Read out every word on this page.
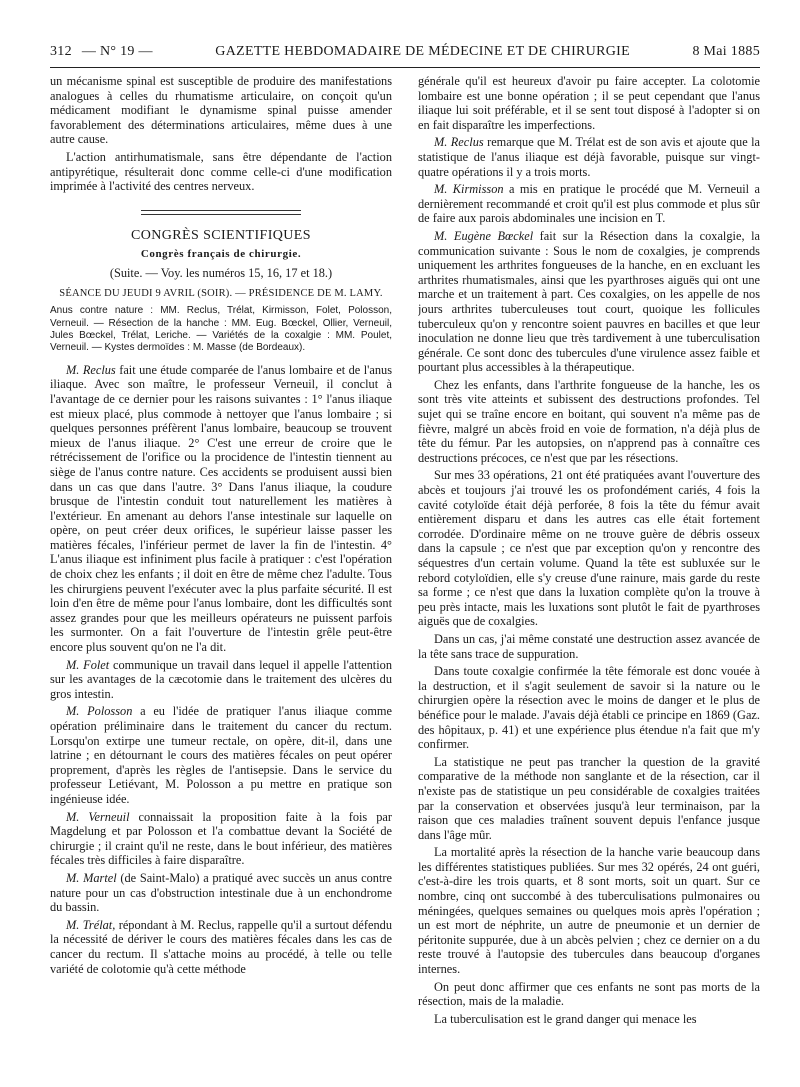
312 — N° 19 —	GAZETTE HEBDOMADAIRE DE MÉDECINE ET DE CHIRURGIE	8 Mai 1885

un mécanisme spinal est susceptible de produire des manifestations analogues à celles du rhumatisme articulaire, on conçoit qu'un médicament modifiant le dynamisme spinal puisse amender favorablement des déterminations articulaires, même dues à une autre cause.

L'action antirhumatismale, sans être dépendante de l'action antipyrétique, résulterait donc comme celle-ci d'une modification imprimée à l'activité des centres nerveux.

CONGRÈS SCIENTIFIQUES
Congrès français de chirurgie.
(Suite. — Voy. les numéros 15, 16, 17 et 18.)
SÉANCE DU JEUDI 9 AVRIL (SOIR). — PRÉSIDENCE DE M. LAMY.
Anus contre nature : MM. Reclus, Trélat, Kirmisson, Folet, Polosson, Verneuil. — Résection de la hanche : MM. Eug. Bœckel, Ollier, Verneuil, Jules Bœckel, Trélat, Leriche. — Variétés de la coxalgie : MM. Poulet, Verneuil. — Kystes dermoïdes : M. Masse (de Bordeaux).

M. Reclus fait une étude comparée de l'anus lombaire et de l'anus iliaque. Avec son maître, le professeur Verneuil, il conclut à l'avantage de ce dernier pour les raisons suivantes : 1° l'anus iliaque est mieux placé, plus commode à nettoyer que l'anus lombaire ; si quelques personnes préfèrent l'anus lombaire, beaucoup se trouvent mieux de l'anus iliaque. 2° C'est une erreur de croire que le rétrécissement de l'orifice ou la procidence de l'intestin tiennent au siège de l'anus contre nature. Ces accidents se produisent aussi bien dans un cas que dans l'autre. 3° Dans l'anus iliaque, la coudure brusque de l'intestin conduit tout naturellement les matières à l'extérieur. En amenant au dehors l'anse intestinale sur laquelle on opère, on peut créer deux orifices, le supérieur laisse passer les matières fécales, l'inférieur permet de laver la fin de l'intestin. 4° L'anus iliaque est infiniment plus facile à pratiquer : c'est l'opération de choix chez les enfants ; il doit en être de même chez l'adulte. Tous les chirurgiens peuvent l'exécuter avec la plus parfaite sécurité. Il est loin d'en être de même pour l'anus lombaire, dont les difficultés sont assez grandes pour que les meilleurs opérateurs ne puissent parfois les surmonter. On a fait l'ouverture de l'intestin grêle peut-être encore plus souvent qu'on ne l'a dit.

M. Folet communique un travail dans lequel il appelle l'attention sur les avantages de la cæcotomie dans le traitement des ulcères du gros intestin.

M. Polosson a eu l'idée de pratiquer l'anus iliaque comme opération préliminaire dans le traitement du cancer du rectum. Lorsqu'on extirpe une tumeur rectale, on opère, dit-il, dans une latrine ; en détournant le cours des matières fécales on peut opérer proprement, d'après les règles de l'antisepsie. Dans le service du professeur Letiévant, M. Polosson a pu mettre en pratique son ingénieuse idée.

M. Verneuil connaissait la proposition faite à la fois par Magdelung et par Polosson et l'a combattue devant la Société de chirurgie ; il craint qu'il ne reste, dans le bout inférieur, des matières fécales très difficiles à faire disparaître.

M. Martel (de Saint-Malo) a pratiqué avec succès un anus contre nature pour un cas d'obstruction intestinale due à un enchondrome du bassin.

M. Trélat, répondant à M. Reclus, rappelle qu'il a surtout défendu la nécessité de dériver le cours des matières fécales dans les cas de cancer du rectum. Il s'attache moins au procédé, à telle ou telle variété de colotomie qu'à cette méthode

générale qu'il est heureux d'avoir pu faire accepter. La colotomie lombaire est une bonne opération ; il se peut cependant que l'anus iliaque lui soit préférable, et il se sent tout disposé à l'adopter si on en fait disparaître les imperfections.

M. Reclus remarque que M. Trélat est de son avis et ajoute que la statistique de l'anus iliaque est déjà favorable, puisque sur vingt-quatre opérations il y a trois morts.

M. Kirmisson a mis en pratique le procédé que M. Verneuil a dernièrement recommandé et croit qu'il est plus commode et plus sûr de faire aux parois abdominales une incision en T.

M. Eugène Bœckel fait sur la Résection dans la coxalgie, la communication suivante : Sous le nom de coxalgies, je comprends uniquement les arthrites fongueuses de la hanche, en en excluant les arthrites rhumatismales, ainsi que les pyarthroses aiguës qui ont une marche et un traitement à part. Ces coxalgies, on les appelle de nos jours arthrites tuberculeuses tout court, quoique les follicules tuberculeux qu'on y rencontre soient pauvres en bacilles et que leur inoculation ne donne lieu que très tardivement à une tuberculisation générale. Ce sont donc des tubercules d'une virulence assez faible et pourtant plus accessibles à la thérapeutique.

Chez les enfants, dans l'arthrite fongueuse de la hanche, les os sont très vite atteints et subissent des destructions profondes. Tel sujet qui se traîne encore en boitant, qui souvent n'a même pas de fièvre, malgré un abcès froid en voie de formation, n'a déjà plus de tête du fémur. Par les autopsies, on n'apprend pas à connaître ces destructions précoces, ce n'est que par les résections.

Sur mes 33 opérations, 21 ont été pratiquées avant l'ouverture des abcès et toujours j'ai trouvé les os profondément cariés, 4 fois la cavité cotyloïde était déjà perforée, 8 fois la tête du fémur avait entièrement disparu et dans les autres cas elle était fortement corrodée. D'ordinaire même on ne trouve guère de débris osseux dans la capsule ; ce n'est que par exception qu'on y rencontre des séquestres d'un certain volume. Quand la tête est subluxée sur le rebord cotyloïdien, elle s'y creuse d'une rainure, mais garde du reste sa forme ; ce n'est que dans la luxation complète qu'on la trouve à peu près intacte, mais les luxations sont plutôt le fait de pyarthroses aiguës que de coxalgies.

Dans un cas, j'ai même constaté une destruction assez avancée de la tête sans trace de suppuration.

Dans toute coxalgie confirmée la tête fémorale est donc vouée à la destruction, et il s'agit seulement de savoir si la nature ou le chirurgien opère la résection avec le moins de danger et le plus de bénéfice pour le malade. J'avais déjà établi ce principe en 1869 (Gaz. des hôpitaux, p. 41) et une expérience plus étendue n'a fait que m'y confirmer.

La statistique ne peut pas trancher la question de la gravité comparative de la méthode non sanglante et de la résection, car il n'existe pas de statistique un peu considérable de coxalgies traitées par la conservation et observées jusqu'à leur terminaison, par la raison que ces maladies traînent souvent depuis l'enfance jusque dans l'âge mûr.

La mortalité après la résection de la hanche varie beaucoup dans les différentes statistiques publiées. Sur mes 32 opérés, 24 ont guéri, c'est-à-dire les trois quarts, et 8 sont morts, soit un quart. Sur ce nombre, cinq ont succombé à des tuberculisations pulmonaires ou méningées, quelques semaines ou quelques mois après l'opération ; un est mort de néphrite, un autre de pneumonie et un dernier de péritonite suppurée, due à un abcès pelvien ; chez ce dernier on a du reste trouvé à l'autopsie des tubercules dans beaucoup d'organes internes.

On peut donc affirmer que ces enfants ne sont pas morts de la résection, mais de la maladie.

La tuberculisation est le grand danger qui menace les
